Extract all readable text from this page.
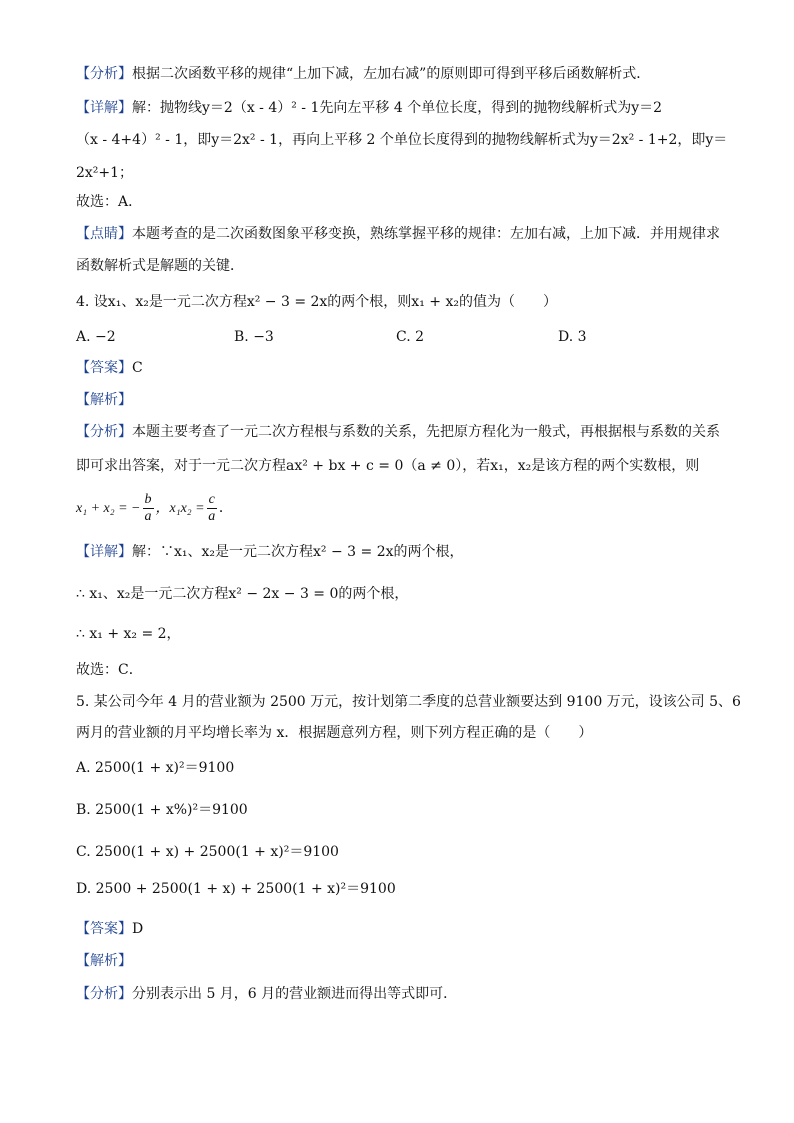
【分析】根据二次函数平移的规律“上加下减，左加右减”的原则即可得到平移后函数解析式．
【详解】解：抛物线y＝2（x - 4）² - 1先向左平移 4 个单位长度，得到的抛物线解析式为y＝2
（x - 4+4）² - 1，即y＝2x² - 1，再向上平移 2 个单位长度得到的抛物线解析式为y＝2x² - 1+2，即y＝
2x²+1；
故选：A．
【点睛】本题考查的是二次函数图象平移变换，熟练掌握平移的规律：左加右减，上加下减．并用规律求
函数解析式是解题的关键．
4. 设x₁、x₂是一元二次方程x² − 3 = 2x的两个根，则x₁ + x₂的值为（　　）
A. −2	B. −3	C. 2	D. 3
【答案】C
【解析】
【分析】本题主要考查了一元二次方程根与系数的关系，先把原方程化为一般式，再根据根与系数的关系
即可求出答案，对于一元二次方程ax² + bx + c = 0（a ≠ 0），若x₁，x₂是该方程的两个实数根，则
x₁ + x₂ = − $\frac{b}{a}$ ，$x_1x_2 = \frac{c}{a}$ ．
【详解】解：∵x₁、x₂是一元二次方程x² − 3 = 2x的两个根，
∴ x₁、x₂是一元二次方程x² − 2x − 3 = 0的两个根，
∴ x₁ + x₂ = 2，
故选：C．
5. 某公司今年 4 月的营业额为 2500 万元，按计划第二季度的总营业额要达到 9100 万元，设该公司 5、6
两月的营业额的月平均增长率为 x．根据题意列方程，则下列方程正确的是（　　）
A. 2500(1 + x)²＝9100
B. 2500(1 + x%)²＝9100
C. 2500(1 + x) + 2500(1 + x)²＝9100
D. 2500 + 2500(1 + x) + 2500(1 + x)²＝9100
【答案】D
【解析】
【分析】分别表示出 5 月，6 月的营业额进而得出等式即可．
